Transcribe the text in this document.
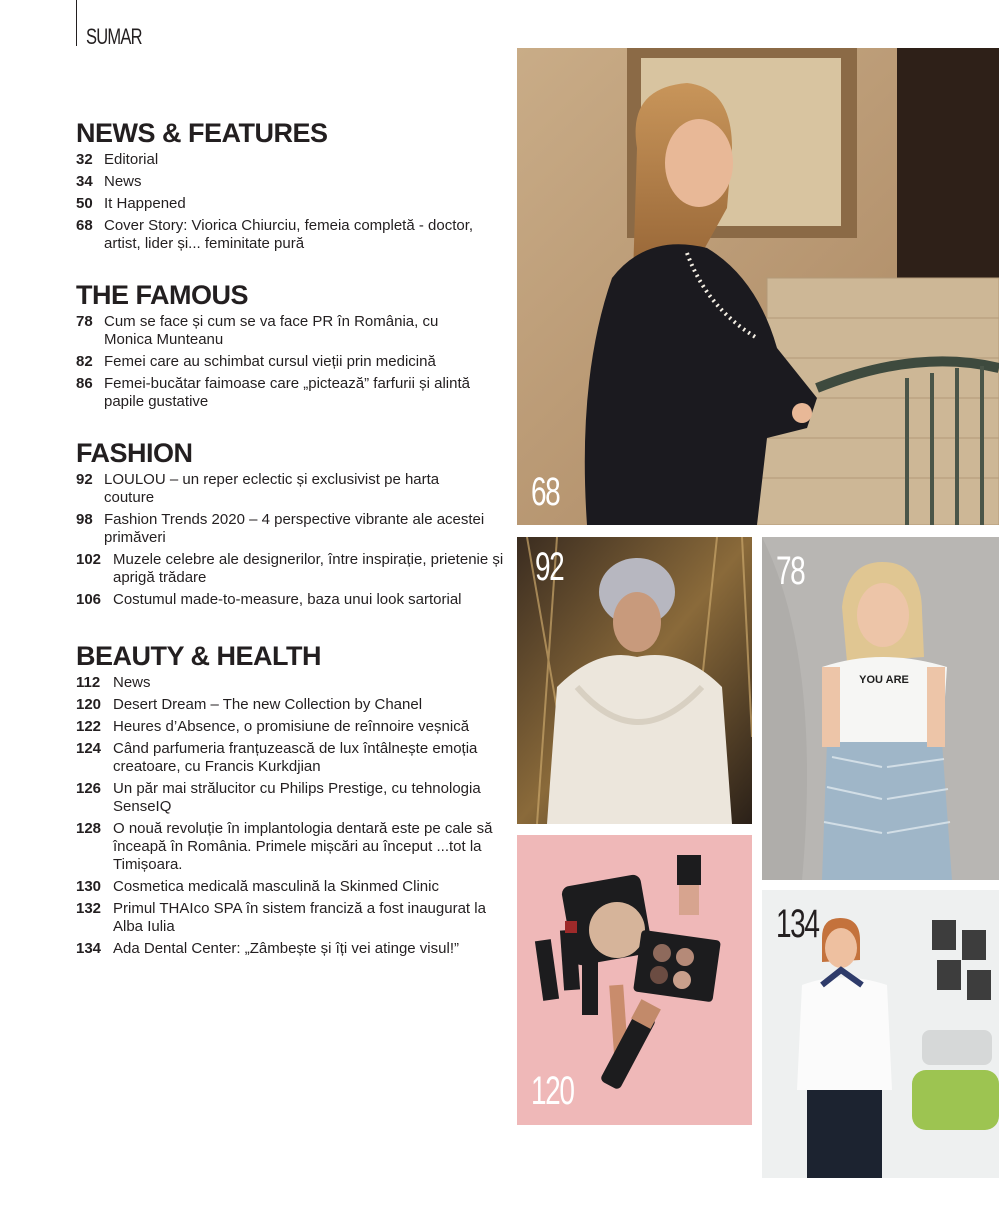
SUMAR
NEWS & FEATURES
32 Editorial
34 News
50 It Happened
68 Cover Story: Viorica Chiurciu, femeia completă - doctor, artist, lider și... feminitate pură
THE FAMOUS
78 Cum se face și cum se va face PR în România, cu Monica Munteanu
82 Femei care au schimbat cursul vieții prin medicină
86 Femei-bucătar faimoase care „pictează” farfurii și alintă papile gustative
FASHION
92 LOULOU – un reper eclectic și exclusivist pe harta couture
98 Fashion Trends 2020 – 4 perspective vibrante ale acestei primăveri
102 Muzele celebre ale designerilor, între inspirație, prietenie și aprigă trădare
106 Costumul made-to-measure, baza unui look sartorial
BEAUTY & HEALTH
112 News
120 Desert Dream – The new Collection by Chanel
122 Heures d’Absence, o promisiune de reînnoire veșnică
124 Când parfumeria franțuzească de lux întâlnește emoția creatoare, cu Francis Kurkdjian
126 Un păr mai strălucitor cu Philips Prestige, cu tehnologia SenseIQ
128 O nouă revoluție în implantologia dentară este pe cale să înceapă în România. Primele mișcări au început ...tot la Timișoara.
130 Cosmetica medicală masculină la Skinmed Clinic
132 Primul THAIco SPA în sistem franciză a fost inaugurat la Alba Iulia
134 Ada Dental Center: „Zâmbește și îți vei atinge visul!”
68
92
YOU ARE
78
120
134
